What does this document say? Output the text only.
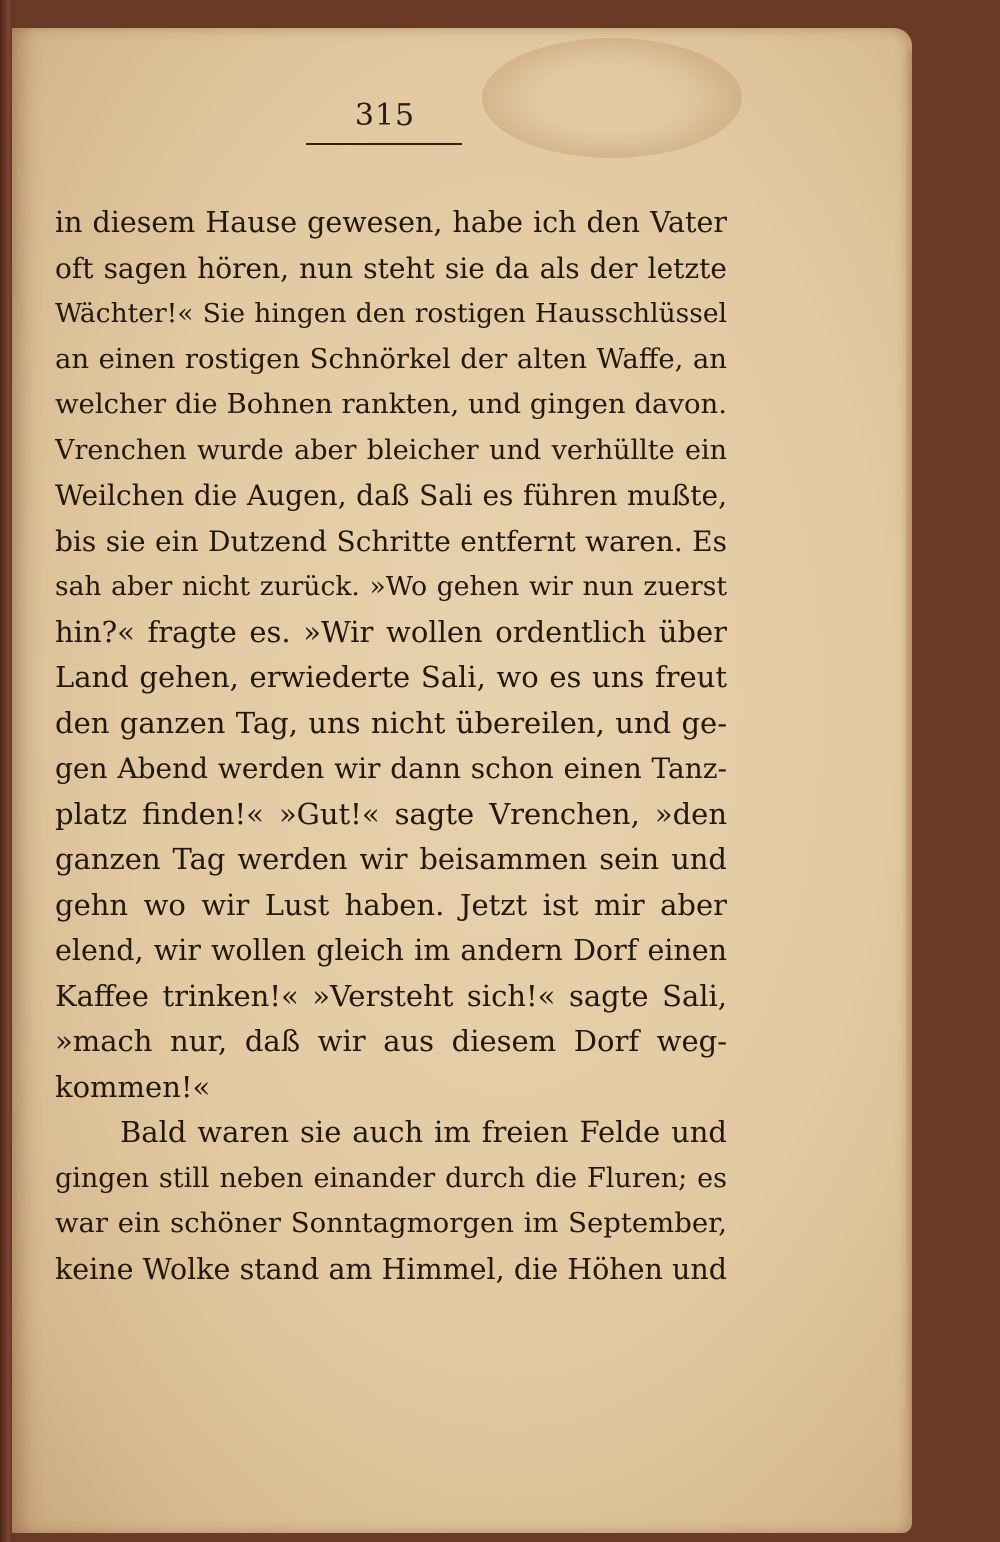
315
in diesem Hause gewesen, habe ich den Vater
oft sagen hören, nun steht sie da als der letzte
Wächter!« Sie hingen den rostigen Hausschlüssel
an einen rostigen Schnörkel der alten Waffe, an
welcher die Bohnen rankten, und gingen davon.
Vrenchen wurde aber bleicher und verhüllte ein
Weilchen die Augen, daß Sali es führen mußte,
bis sie ein Dutzend Schritte entfernt waren. Es
sah aber nicht zurück. »Wo gehen wir nun zuerst
hin?« fragte es. »Wir wollen ordentlich über
Land gehen, erwiederte Sali, wo es uns freut
den ganzen Tag, uns nicht übereilen, und ge-
gen Abend werden wir dann schon einen Tanz-
platz finden!« »Gut!« sagte Vrenchen, »den
ganzen Tag werden wir beisammen sein und
gehn wo wir Lust haben. Jetzt ist mir aber
elend, wir wollen gleich im andern Dorf einen
Kaffee trinken!« »Versteht sich!« sagte Sali,
»mach nur, daß wir aus diesem Dorf weg-
kommen!«
Bald waren sie auch im freien Felde und
gingen still neben einander durch die Fluren; es
war ein schöner Sonntagmorgen im September,
keine Wolke stand am Himmel, die Höhen und
